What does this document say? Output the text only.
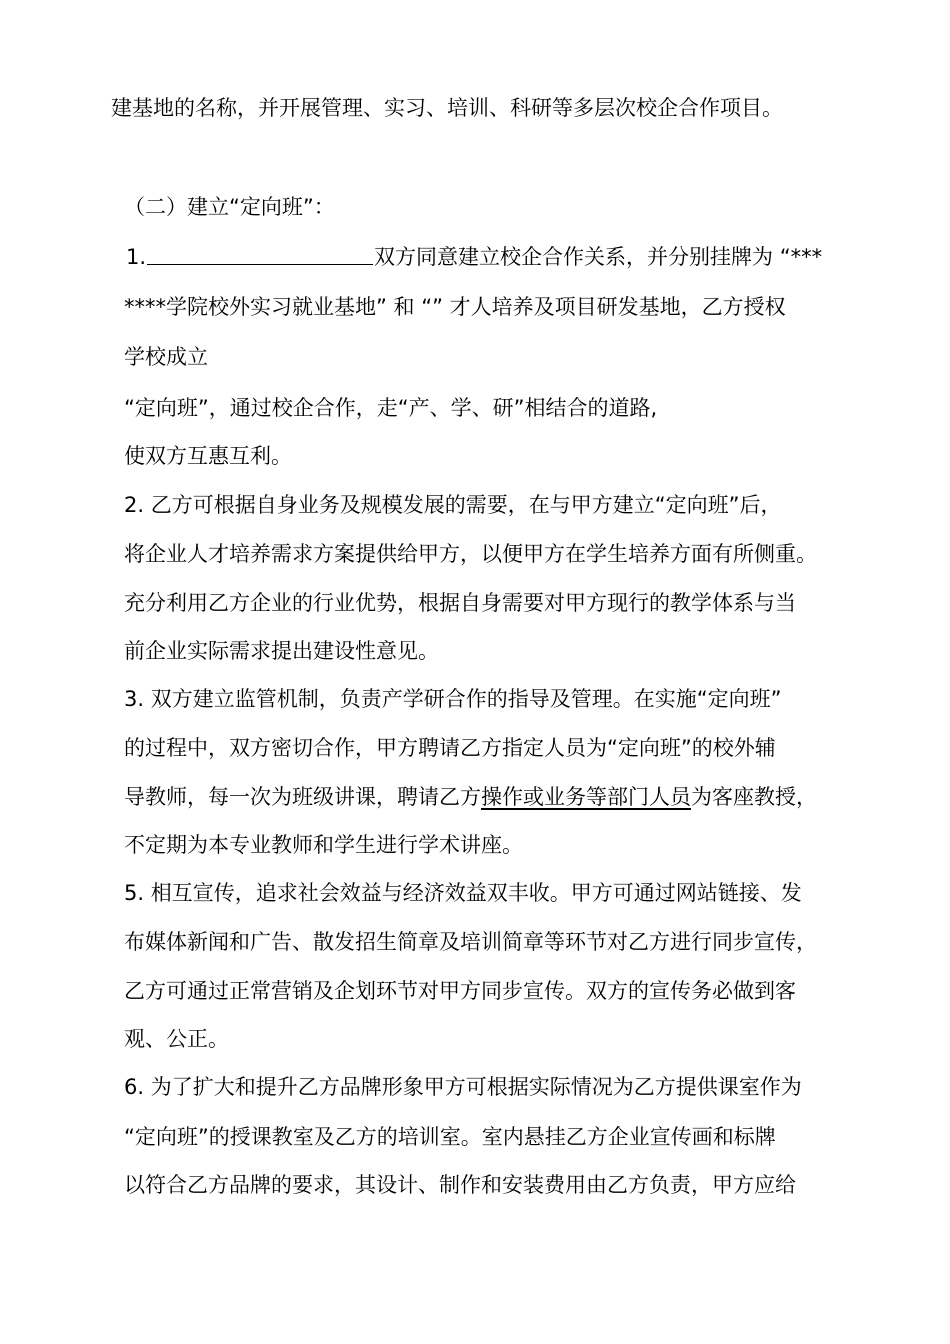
建基地的名称，并开展管理、实习、培训、科研等多层次校企合作项目。
（二）建立“定向班”：
1.	双方同意建立校企合作关系，并分别挂牌为 “***
****学院校外实习就业基地” 和 “” 才人培养及项目研发基地，乙方授权
学校成立
“定向班”，通过校企合作，走“产、学、研”相结合的道路,
使双方互惠互利。
2. 乙方可根据自身业务及规模发展的需要，在与甲方建立“定向班”后，
将企业人才培养需求方案提供给甲方，以便甲方在学生培养方面有所侧重。
充分利用乙方企业的行业优势，根据自身需要对甲方现行的教学体系与当
前企业实际需求提出建设性意见。
3. 双方建立监管机制，负责产学研合作的指导及管理。在实施“定向班”
的过程中，双方密切合作，甲方聘请乙方指定人员为“定向班”的校外辅
导教师，每一次为班级讲课，聘请乙方操作或业务等部门人员为客座教授，
不定期为本专业教师和学生进行学术讲座。
5. 相互宣传，追求社会效益与经济效益双丰收。甲方可通过网站链接、发
布媒体新闻和广告、散发招生简章及培训简章等环节对乙方进行同步宣传，
乙方可通过正常营销及企划环节对甲方同步宣传。双方的宣传务必做到客
观、公正。
6. 为了扩大和提升乙方品牌形象甲方可根据实际情况为乙方提供课室作为
“定向班”的授课教室及乙方的培训室。室内悬挂乙方企业宣传画和标牌
以符合乙方品牌的要求，其设计、制作和安装费用由乙方负责，甲方应给
